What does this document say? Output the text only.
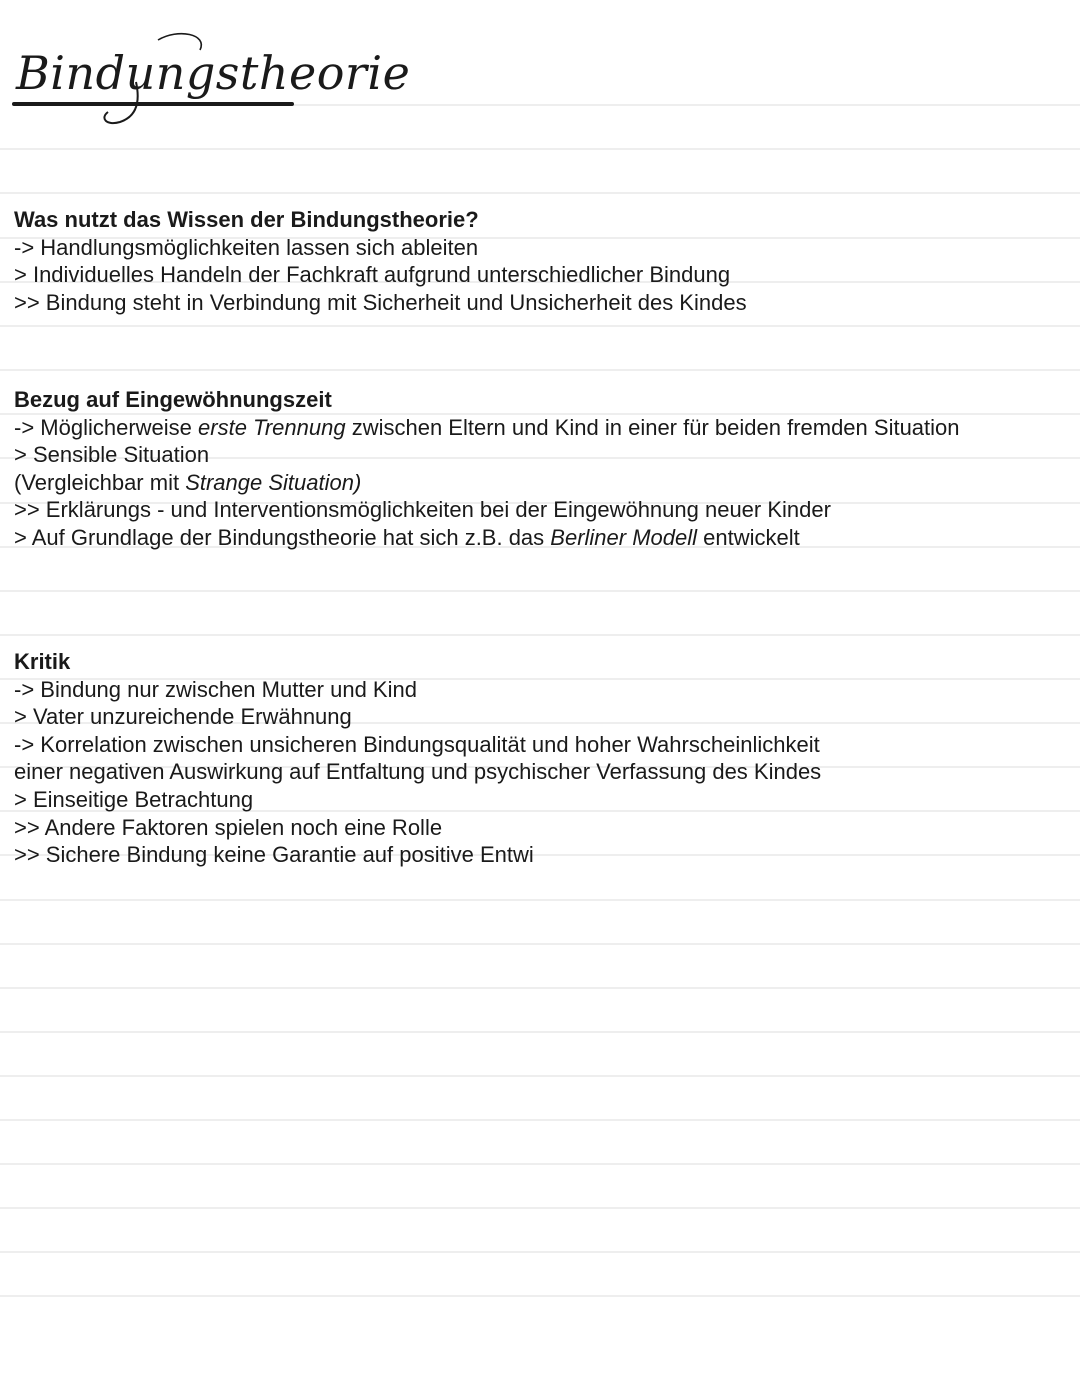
Bindungstheorie
Was nutzt das Wissen der Bindungstheorie?
-> Handlungsmöglichkeiten lassen sich ableiten
> Individuelles Handeln der Fachkraft aufgrund unterschiedlicher Bindung
>> Bindung steht in Verbindung mit Sicherheit und Unsicherheit des Kindes
Bezug auf Eingewöhnungszeit
-> Möglicherweise erste Trennung zwischen Eltern und Kind in einer für beiden fremden Situation
> Sensible Situation
(Vergleichbar mit Strange Situation)
>> Erklärungs - und Interventionsmöglichkeiten bei der Eingewöhnung neuer Kinder
> Auf Grundlage der Bindungstheorie hat sich z.B. das Berliner Modell entwickelt
Kritik
-> Bindung nur zwischen Mutter und Kind
> Vater unzureichende Erwähnung
-> Korrelation zwischen unsicheren Bindungsqualität und hoher Wahrscheinlichkeit
einer negativen Auswirkung auf Entfaltung und psychischer Verfassung des Kindes
> Einseitige Betrachtung
>> Andere Faktoren spielen noch eine Rolle
>> Sichere Bindung keine Garantie auf positive Entwi
